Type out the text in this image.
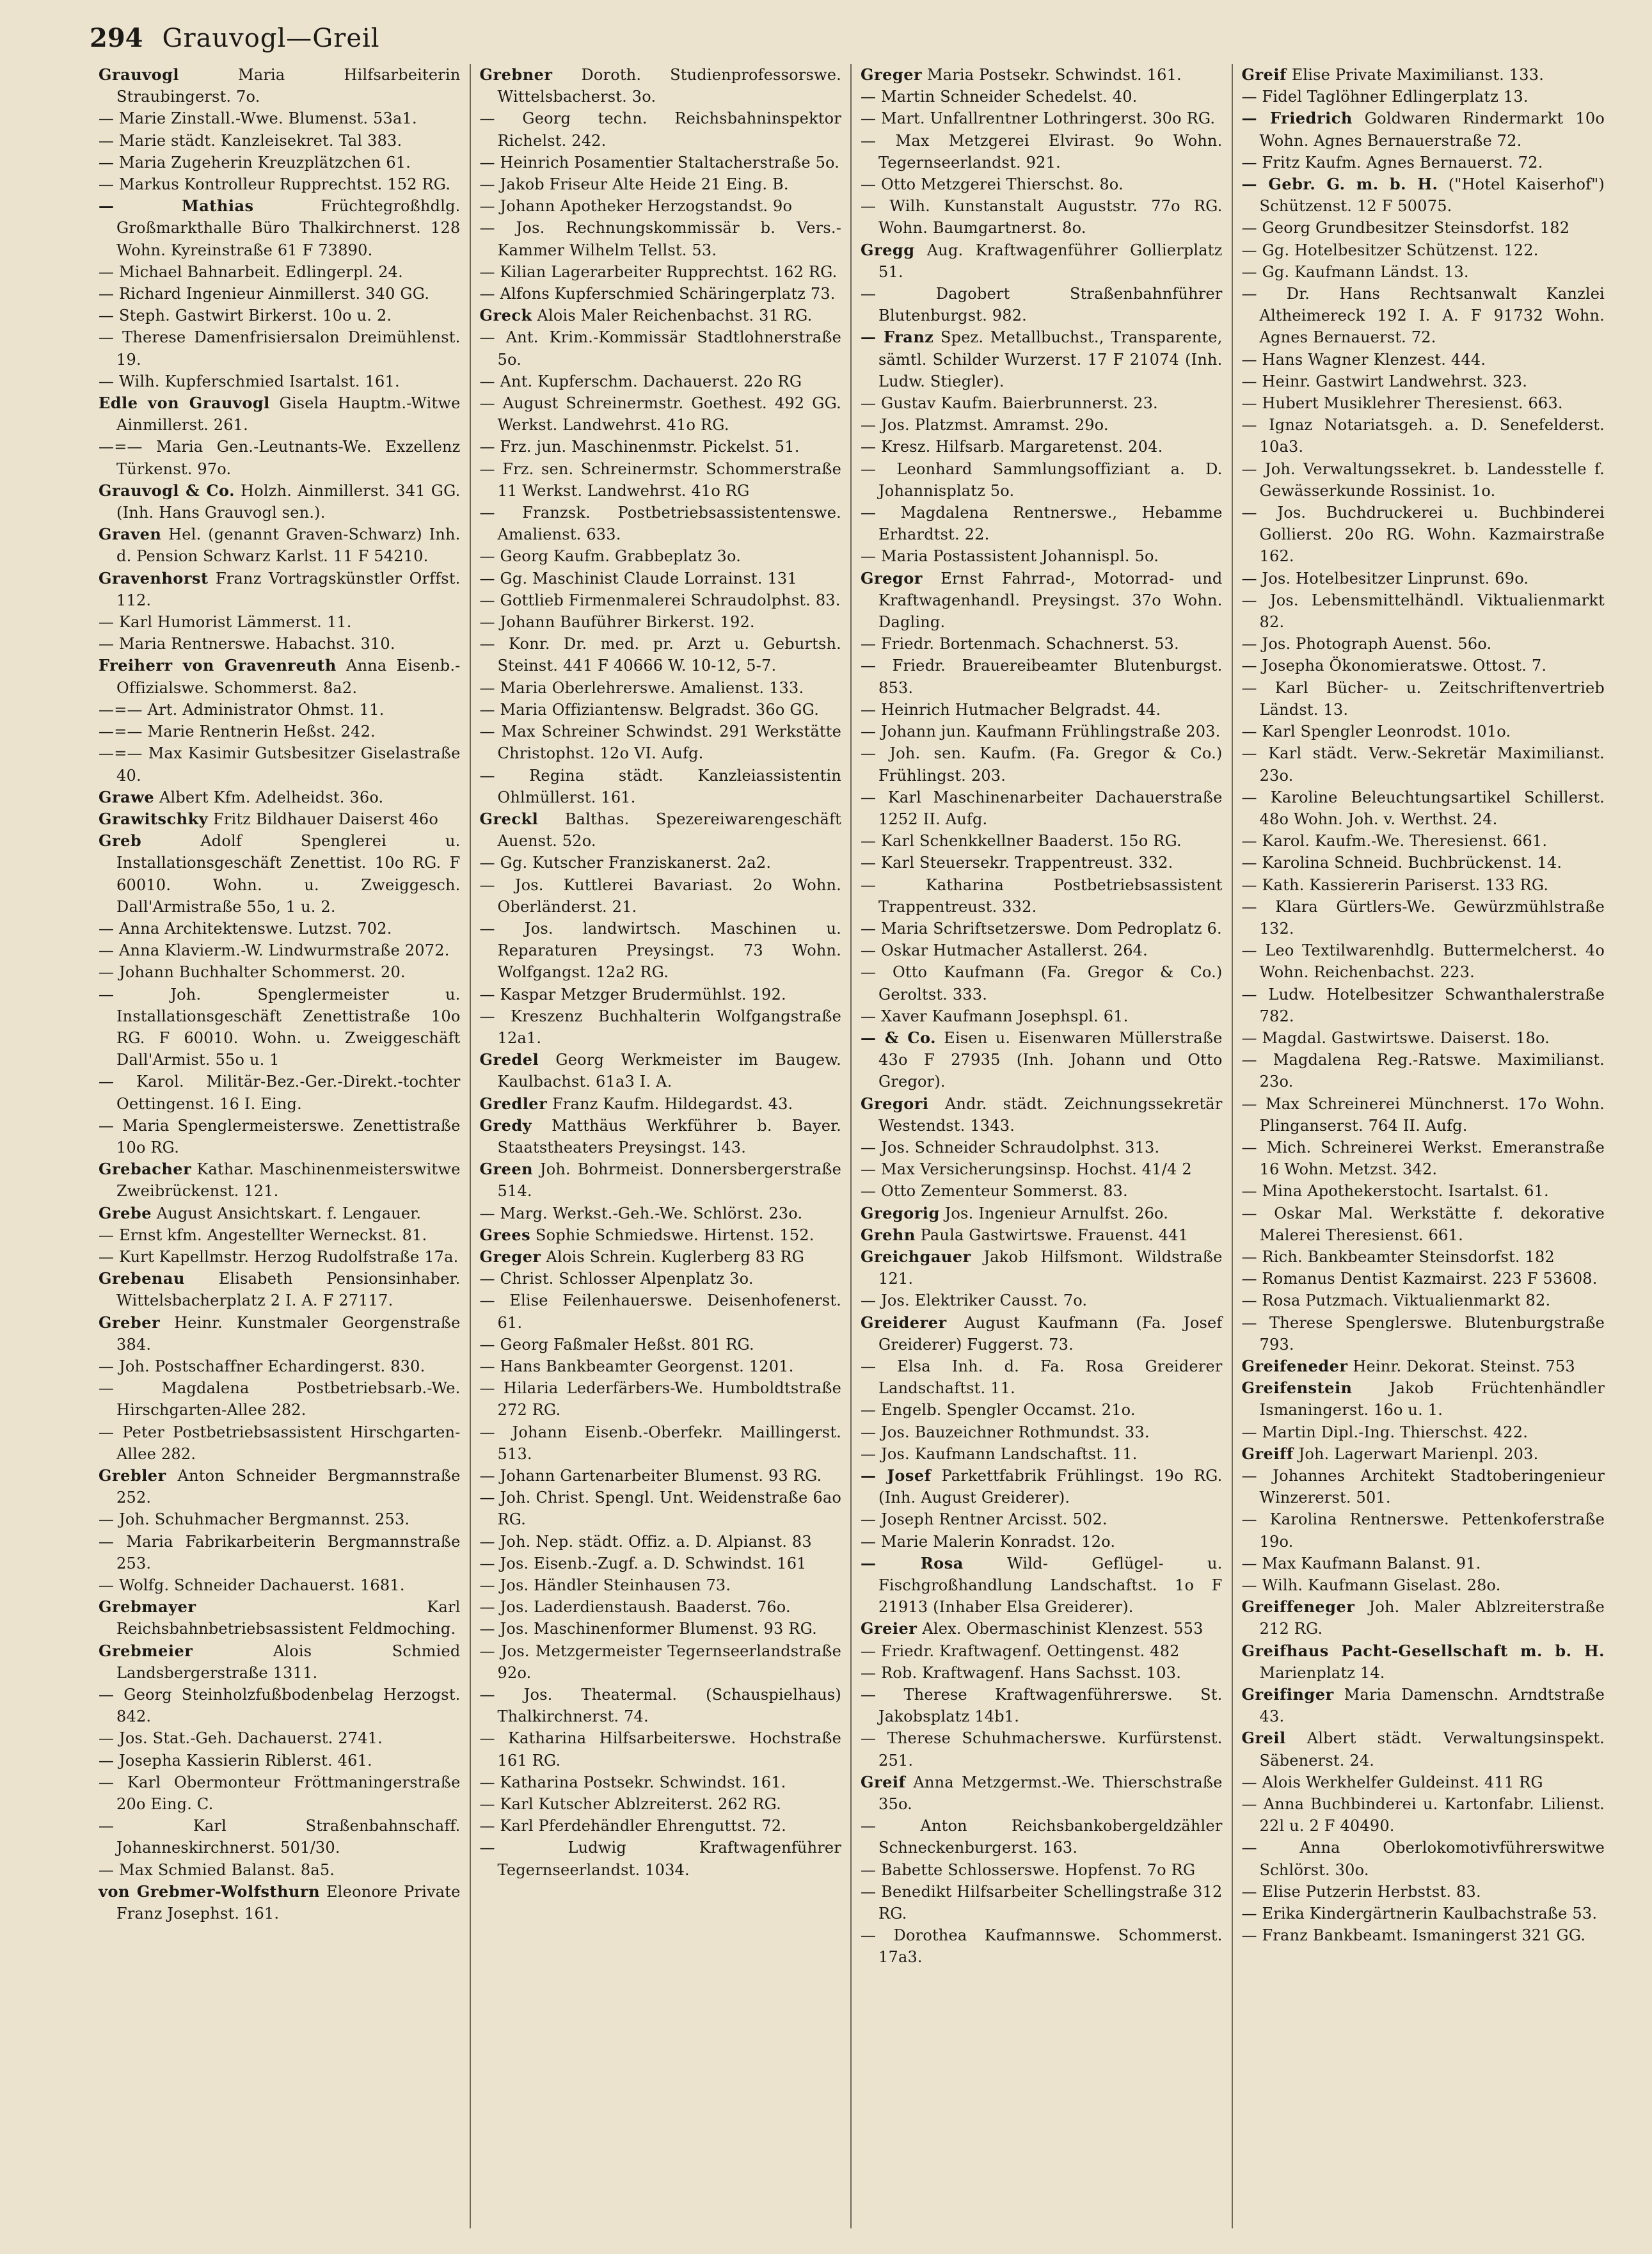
294 Grauvogl—Greil

Grauvogl Maria Hilfsarbeiterin Straubingerst. 7o.

— Marie Zinstall.-Wwe. Blumenst. 53a1.

— Marie städt. Kanzleisekret. Tal 383.

— Maria Zugeherin Kreuzplätzchen 61.

— Markus Kontrolleur Rupprechtst. 152 RG.

— Mathias Früchtegroßhdlg. Großmarkthalle Büro Thalkirchnerst. 128 Wohn. Kyreinstraße 61 F 73890.

— Michael Bahnarbeit. Edlingerpl. 24.

— Richard Ingenieur Ainmillerst. 340 GG.

— Steph. Gastwirt Birkerst. 10o u. 2.

— Therese Damenfrisiersalon Dreimühlenst. 19.

— Wilh. Kupferschmied Isartalst. 161.

Edle von Grauvogl Gisela Hauptm.-Witwe Ainmillerst. 261.

—=— Maria Gen.-Leutnants-We. Exzellenz Türkenst. 97o.

Grauvogl & Co. Holzh. Ainmillerst. 341 GG. (Inh. Hans Grauvogl sen.).

Graven Hel. (genannt Graven-Schwarz) Inh. d. Pension Schwarz Karlst. 11 F 54210.

Gravenhorst Franz Vortragskünstler Orffst. 112.

— Karl Humorist Lämmerst. 11.

— Maria Rentnerswe. Habachst. 310.

Freiherr von Gravenreuth Anna Eisenb.-Offizialswe. Schommerst. 8a2.

—=— Art. Administrator Ohmst. 11.

—=— Marie Rentnerin Heßst. 242.

—=— Max Kasimir Gutsbesitzer Giselastraße 40.

Grawe Albert Kfm. Adelheidst. 36o.

Grawitschky Fritz Bildhauer Daiserst 46o

Greb Adolf Spenglerei u. Installationsgeschäft Zenettist. 10o RG. F 60010. Wohn. u. Zweiggesch. Dall'Armistraße 55o, 1 u. 2.

— Anna Architektenswe. Lutzst. 702.

— Anna Klavierm.-W. Lindwurmstraße 2072.

— Johann Buchhalter Schommerst. 20.

— Joh. Spenglermeister u. Installationsgeschäft Zenettistraße 10o RG. F 60010. Wohn. u. Zweiggeschäft Dall'Armist. 55o u. 1

— Karol. Militär-Bez.-Ger.-Direkt.-tochter Oettingenst. 16 I. Eing.

— Maria Spenglermeisterswe. Zenettistraße 10o RG.

Grebacher Kathar. Maschinenmeisterswitwe Zweibrückenst. 121.

Grebe August Ansichtskart. f. Lengauer.

— Ernst kfm. Angestellter Werneckst. 81.

— Kurt Kapellmstr. Herzog Rudolfstraße 17a.

Grebenau Elisabeth Pensionsinhaber. Wittelsbacherplatz 2 I. A. F 27117.

Greber Heinr. Kunstmaler Georgenstraße 384.

— Joh. Postschaffner Echardingerst. 830.

— Magdalena Postbetriebsarb.-We. Hirschgarten-Allee 282.

— Peter Postbetriebsassistent Hirschgarten-Allee 282.

Grebler Anton Schneider Bergmannstraße 252.

— Joh. Schuhmacher Bergmannst. 253.

— Maria Fabrikarbeiterin Bergmannstraße 253.

— Wolfg. Schneider Dachauerst. 1681.

Grebmayer Karl Reichsbahnbetriebsassistent Feldmoching.

Grebmeier Alois Schmied Landsbergerstraße 1311.

— Georg Steinholzfußbodenbelag Herzogst. 842.

— Jos. Stat.-Geh. Dachauerst. 2741.

— Josepha Kassierin Riblerst. 461.

— Karl Obermonteur Fröttmaningerstraße 20o Eing. C.

— Karl Straßenbahnschaff. Johanneskirchnerst. 501/30.

— Max Schmied Balanst. 8a5.

von Grebmer-Wolfsthurn Eleonore Private Franz Josephst. 161.

Grebner Doroth. Studienprofessorswe. Wittelsbacherst. 3o.

— Georg techn. Reichsbahninspektor Richelst. 242.

— Heinrich Posamentier Staltacherstraße 5o.

— Jakob Friseur Alte Heide 21 Eing. B.

— Johann Apotheker Herzogstandst. 9o

— Jos. Rechnungskommissär b. Vers.-Kammer Wilhelm Tellst. 53.

— Kilian Lagerarbeiter Rupprechtst. 162 RG.

— Alfons Kupferschmied Schäringerplatz 73.

Greck Alois Maler Reichenbachst. 31 RG.

— Ant. Krim.-Kommissär Stadtlohnerstraße 5o.

— Ant. Kupferschm. Dachauerst. 22o RG

— August Schreinermstr. Goethest. 492 GG. Werkst. Landwehrst. 41o RG.

— Frz. jun. Maschinenmstr. Pickelst. 51.

— Frz. sen. Schreinermstr. Schommerstraße 11 Werkst. Landwehrst. 41o RG

— Franzsk. Postbetriebsassistentenswe. Amalienst. 633.

— Georg Kaufm. Grabbeplatz 3o.

— Gg. Maschinist Claude Lorrainst. 131

— Gottlieb Firmenmalerei Schraudolphst. 83.

— Johann Bauführer Birkerst. 192.

— Konr. Dr. med. pr. Arzt u. Geburtsh. Steinst. 441 F 40666 W. 10-12, 5-7.

— Maria Oberlehrerswe. Amalienst. 133.

— Maria Offiziantensw. Belgradst. 36o GG.

— Max Schreiner Schwindst. 291 Werkstätte Christophst. 12o VI. Aufg.

— Regina städt. Kanzleiassistentin Ohlmüllerst. 161.

Greckl Balthas. Spezereiwarengeschäft Auenst. 52o.

— Gg. Kutscher Franziskanerst. 2a2.

— Jos. Kuttlerei Bavariast. 2o Wohn. Oberländerst. 21.

— Jos. landwirtsch. Maschinen u. Reparaturen Preysingst. 73 Wohn. Wolfgangst. 12a2 RG.

— Kaspar Metzger Brudermühlst. 192.

— Kreszenz Buchhalterin Wolfgangstraße 12a1.

Gredel Georg Werkmeister im Baugew. Kaulbachst. 61a3 I. A.

Gredler Franz Kaufm. Hildegardst. 43.

Gredy Matthäus Werkführer b. Bayer. Staatstheaters Preysingst. 143.

Green Joh. Bohrmeist. Donnersbergerstraße 514.

— Marg. Werkst.-Geh.-We. Schlörst. 23o.

Grees Sophie Schmiedswe. Hirtenst. 152.

Greger Alois Schrein. Kuglerberg 83 RG

— Christ. Schlosser Alpenplatz 3o.

— Elise Feilenhauerswe. Deisenhofenerst. 61.

— Georg Faßmaler Heßst. 801 RG.

— Hans Bankbeamter Georgenst. 1201.

— Hilaria Lederfärbers-We. Humboldtstraße 272 RG.

— Johann Eisenb.-Oberfekr. Maillingerst. 513.

— Johann Gartenarbeiter Blumenst. 93 RG.

— Joh. Christ. Spengl. Unt. Weidenstraße 6ao RG.

— Joh. Nep. städt. Offiz. a. D. Alpianst. 83

— Jos. Eisenb.-Zugf. a. D. Schwindst. 161

— Jos. Händler Steinhausen 73.

— Jos. Laderdienstaush. Baaderst. 76o.

— Jos. Maschinenformer Blumenst. 93 RG.

— Jos. Metzgermeister Tegernseerlandstraße 92o.

— Jos. Theatermal. (Schauspielhaus) Thalkirchnerst. 74.

— Katharina Hilfsarbeiterswe. Hochstraße 161 RG.

— Katharina Postsekr. Schwindst. 161.

— Karl Kutscher Ablzreiterst. 262 RG.

— Karl Pferdehändler Ehrenguttst. 72.

— Ludwig Kraftwagenführer Tegernseerlandst. 1034.

Greger Maria Postsekr. Schwindst. 161.

— Martin Schneider Schedelst. 40.

— Mart. Unfallrentner Lothringerst. 30o RG.

— Max Metzgerei Elvirast. 9o Wohn. Tegernseerlandst. 921.

— Otto Metzgerei Thierschst. 8o.

— Wilh. Kunstanstalt Auguststr. 77o RG. Wohn. Baumgartnerst. 8o.

Gregg Aug. Kraftwagenführer Gollierplatz 51.

— Dagobert Straßenbahnführer Blutenburgst. 982.

— Franz Spez. Metallbuchst., Transparente, sämtl. Schilder Wurzerst. 17 F 21074 (Inh. Ludw. Stiegler).

— Gustav Kaufm. Baierbrunnerst. 23.

— Jos. Platzmst. Amramst. 29o.

— Kresz. Hilfsarb. Margaretenst. 204.

— Leonhard Sammlungsoffiziant a. D. Johannisplatz 5o.

— Magdalena Rentnerswe., Hebamme Erhardtst. 22.

— Maria Postassistent Johannispl. 5o.

Gregor Ernst Fahrrad-, Motorrad- und Kraftwagenhandl. Preysingst. 37o Wohn. Dagling.

— Friedr. Bortenmach. Schachnerst. 53.

— Friedr. Brauereibeamter Blutenburgst. 853.

— Heinrich Hutmacher Belgradst. 44.

— Johann jun. Kaufmann Frühlingstraße 203.

— Joh. sen. Kaufm. (Fa. Gregor & Co.) Frühlingst. 203.

— Karl Maschinenarbeiter Dachauerstraße 1252 II. Aufg.

— Karl Schenkkellner Baaderst. 15o RG.

— Karl Steuersekr. Trappentreust. 332.

— Katharina Postbetriebsassistent Trappentreust. 332.

— Maria Schriftsetzerswe. Dom Pedroplatz 6.

— Oskar Hutmacher Astallerst. 264.

— Otto Kaufmann (Fa. Gregor & Co.) Geroltst. 333.

— Xaver Kaufmann Josephspl. 61.

— & Co. Eisen u. Eisenwaren Müllerstraße 43o F 27935 (Inh. Johann und Otto Gregor).

Gregori Andr. städt. Zeichnungssekretär Westendst. 1343.

— Jos. Schneider Schraudolphst. 313.

— Max Versicherungsinsp. Hochst. 41/4 2

— Otto Zementeur Sommerst. 83.

Gregorig Jos. Ingenieur Arnulfst. 26o.

Grehn Paula Gastwirtswe. Frauenst. 441

Greichgauer Jakob Hilfsmont. Wildstraße 121.

— Jos. Elektriker Causst. 7o.

Greiderer August Kaufmann (Fa. Josef Greiderer) Fuggerst. 73.

— Elsa Inh. d. Fa. Rosa Greiderer Landschaftst. 11.

— Engelb. Spengler Occamst. 21o.

— Jos. Bauzeichner Rothmundst. 33.

— Jos. Kaufmann Landschaftst. 11.

— Josef Parkettfabrik Frühlingst. 19o RG. (Inh. August Greiderer).

— Joseph Rentner Arcisst. 502.

— Marie Malerin Konradst. 12o.

— Rosa Wild- Geflügel- u. Fischgroßhandlung Landschaftst. 1o F 21913 (Inhaber Elsa Greiderer).

Greier Alex. Obermaschinist Klenzest. 553

— Friedr. Kraftwagenf. Oettingenst. 482

— Rob. Kraftwagenf. Hans Sachsst. 103.

— Therese Kraftwagenführerswe. St. Jakobsplatz 14b1.

— Therese Schuhmacherswe. Kurfürstenst. 251.

Greif Anna Metzgermst.-We. Thierschstraße 35o.

— Anton Reichsbankobergeldzähler Schneckenburgerst. 163.

— Babette Schlosserswe. Hopfenst. 7o RG

— Benedikt Hilfsarbeiter Schellingstraße 312 RG.

— Dorothea Kaufmannswe. Schommerst. 17a3.

Greif Elise Private Maximilianst. 133.

— Fidel Taglöhner Edlingerplatz 13.

— Friedrich Goldwaren Rindermarkt 10o Wohn. Agnes Bernauerstraße 72.

— Fritz Kaufm. Agnes Bernauerst. 72.

— Gebr. G. m. b. H. ("Hotel Kaiserhof") Schützenst. 12 F 50075.

— Georg Grundbesitzer Steinsdorfst. 182

— Gg. Hotelbesitzer Schützenst. 122.

— Gg. Kaufmann Ländst. 13.

— Dr. Hans Rechtsanwalt Kanzlei Altheimereck 192 I. A. F 91732 Wohn. Agnes Bernauerst. 72.

— Hans Wagner Klenzest. 444.

— Heinr. Gastwirt Landwehrst. 323.

— Hubert Musiklehrer Theresienst. 663.

— Ignaz Notariatsgeh. a. D. Senefelderst. 10a3.

— Joh. Verwaltungssekret. b. Landesstelle f. Gewässerkunde Rossinist. 1o.

— Jos. Buchdruckerei u. Buchbinderei Gollierst. 20o RG. Wohn. Kazmairstraße 162.

— Jos. Hotelbesitzer Linprunst. 69o.

— Jos. Lebensmittelhändl. Viktualienmarkt 82.

— Jos. Photograph Auenst. 56o.

— Josepha Ökonomieratswe. Ottost. 7.

— Karl Bücher- u. Zeitschriftenvertrieb Ländst. 13.

— Karl Spengler Leonrodst. 101o.

— Karl städt. Verw.-Sekretär Maximilianst. 23o.

— Karoline Beleuchtungsartikel Schillerst. 48o Wohn. Joh. v. Werthst. 24.

— Karol. Kaufm.-We. Theresienst. 661.

— Karolina Schneid. Buchbrückenst. 14.

— Kath. Kassiererin Pariserst. 133 RG.

— Klara Gürtlers-We. Gewürzmühlstraße 132.

— Leo Textilwarenhdlg. Buttermelcherst. 4o Wohn. Reichenbachst. 223.

— Ludw. Hotelbesitzer Schwanthalerstraße 782.

— Magdal. Gastwirtswe. Daiserst. 18o.

— Magdalena Reg.-Ratswe. Maximilianst. 23o.

— Max Schreinerei Münchnerst. 17o Wohn. Plinganserst. 764 II. Aufg.

— Mich. Schreinerei Werkst. Emeranstraße 16 Wohn. Metzst. 342.

— Mina Apothekerstocht. Isartalst. 61.

— Oskar Mal. Werkstätte f. dekorative Malerei Theresienst. 661.

— Rich. Bankbeamter Steinsdorfst. 182

— Romanus Dentist Kazmairst. 223 F 53608.

— Rosa Putzmach. Viktualienmarkt 82.

— Therese Spenglerswe. Blutenburgstraße 793.

Greifeneder Heinr. Dekorat. Steinst. 753

Greifenstein Jakob Früchtenhändler Ismaningerst. 16o u. 1.

— Martin Dipl.-Ing. Thierschst. 422.

Greiff Joh. Lagerwart Marienpl. 203.

— Johannes Architekt Stadtoberingenieur Winzererst. 501.

— Karolina Rentnerswe. Pettenkoferstraße 19o.

— Max Kaufmann Balanst. 91.

— Wilh. Kaufmann Giselast. 28o.

Greiffeneger Joh. Maler Ablzreiterstraße 212 RG.

Greifhaus Pacht-Gesellschaft m. b. H. Marienplatz 14.

Greifinger Maria Damenschn. Arndtstraße 43.

Greil Albert städt. Verwaltungsinspekt. Säbenerst. 24.

— Alois Werkhelfer Guldeinst. 411 RG

— Anna Buchbinderei u. Kartonfabr. Lilienst. 22l u. 2 F 40490.

— Anna Oberlokomotivführerswitwe Schlörst. 30o.

— Elise Putzerin Herbstst. 83.

— Erika Kindergärtnerin Kaulbachstraße 53.

— Franz Bankbeamt. Ismaningerst 321 GG.
